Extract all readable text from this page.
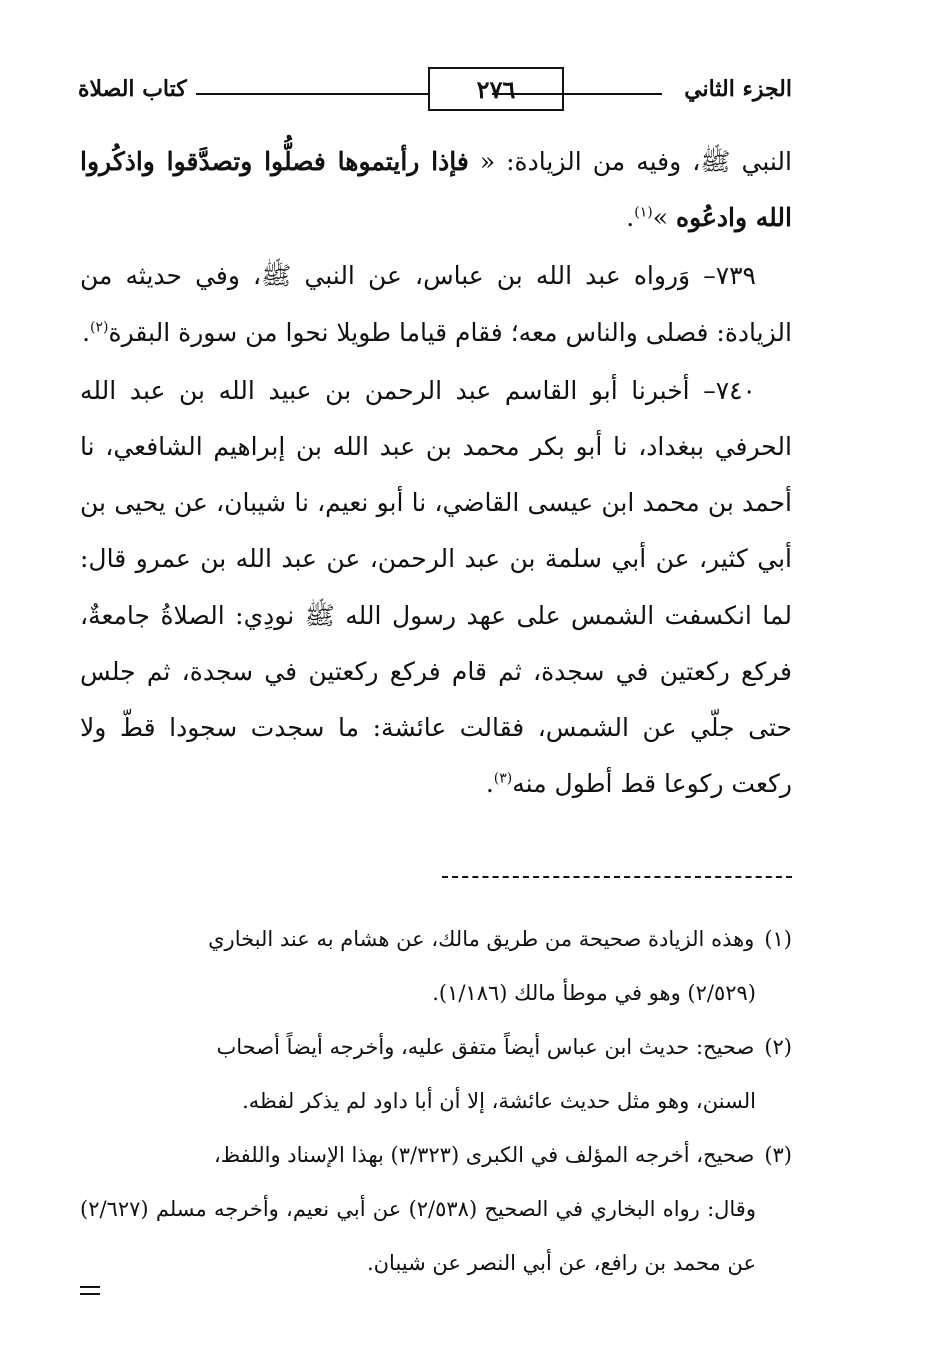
الجزء الثاني
٢٧٦
كتاب الصلاة

النبي ﷺ، وفيه من الزيادة: « فإذا رأيتموها فصلُّوا وتصدَّقوا واذكُروا الله وادعُوه »$^{(١)}$.

٧٣٩– وَرواه عبد الله بن عباس، عن النبي ﷺ، وفي حديثه من الزيادة: فصلى والناس معه؛ فقام قياما طويلا نحوا من سورة البقرة$^{(٢)}$.

٧٤٠– أخبرنا أبو القاسم عبد الرحمن بن عبيد الله بن عبد الله الحرفي ببغداد، نا أبو بكر محمد بن عبد الله بن إبراهيم الشافعي، نا أحمد بن محمد ابن عيسى القاضي، نا أبو نعيم، نا شيبان، عن يحيى بن أبي كثير، عن أبي سلمة بن عبد الرحمن، عن عبد الله بن عمرو قال: لما انكسفت الشمس على عهد رسول الله ﷺ نودِي: الصلاةُ جامعةٌ، فركع ركعتين في سجدة، ثم قام فركع ركعتين في سجدة، ثم جلس حتى جلّي عن الشمس، فقالت عائشة: ما سجدت سجودا قطّ ولا ركعت ركوعا قط أطول منه$^{(٣)}$.

(١)وهذه الزيادة صحيحة من طريق مالك، عن هشام به عند البخاري
(٢/٥٢٩) وهو في موطأ مالك (١/١٨٦).

(٢)صحيح: حديث ابن عباس أيضاً متفق عليه، وأخرجه أيضاً أصحاب
السنن، وهو مثل حديث عائشة، إلا أن أبا داود لم يذكر لفظه.

(٣)صحيح، أخرجه المؤلف في الكبرى (٣/٣٢٣) بهذا الإسناد واللفظ،
وقال: رواه البخاري في الصحيح (٢/٥٣٨) عن أبي نعيم، وأخرجه مسلم (٢/٦٢٧) عن محمد بن رافع، عن أبي النصر عن شيبان.
